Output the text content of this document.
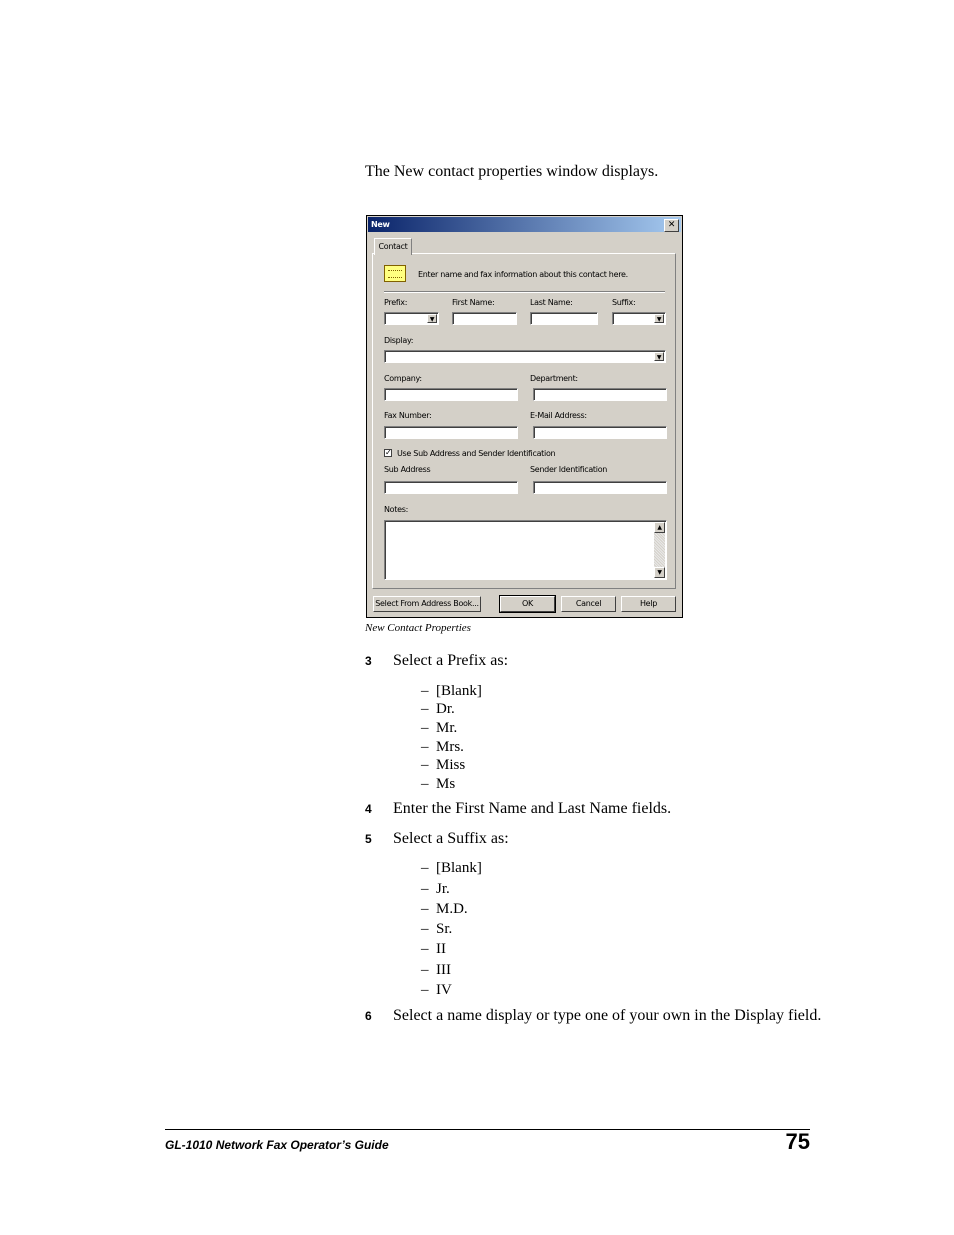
The New contact properties window displays.
New	✕
Contact
Enter name and fax information about this contact here.
Prefix:	First Name:	Last Name:	Suffix:
▼	▼
Display:
▼
Company:	Department:
Fax Number:	E-Mail Address:
✓ Use Sub Address and Sender Identification
Sub Address	Sender Identification
Notes:
▲
▼
Select From Address Book...	OK	Cancel	Help
New Contact Properties
3 Select a Prefix as:
– [Blank]
– Dr.
– Mr.
– Mrs.
– Miss
– Ms
4 Enter the First Name and Last Name fields.
5 Select a Suffix as:
– [Blank]
– Jr.
– M.D.
– Sr.
– II
– III
– IV
6 Select a name display or type one of your own in the Display field.
GL-1010 Network Fax Operator’s Guide	75
